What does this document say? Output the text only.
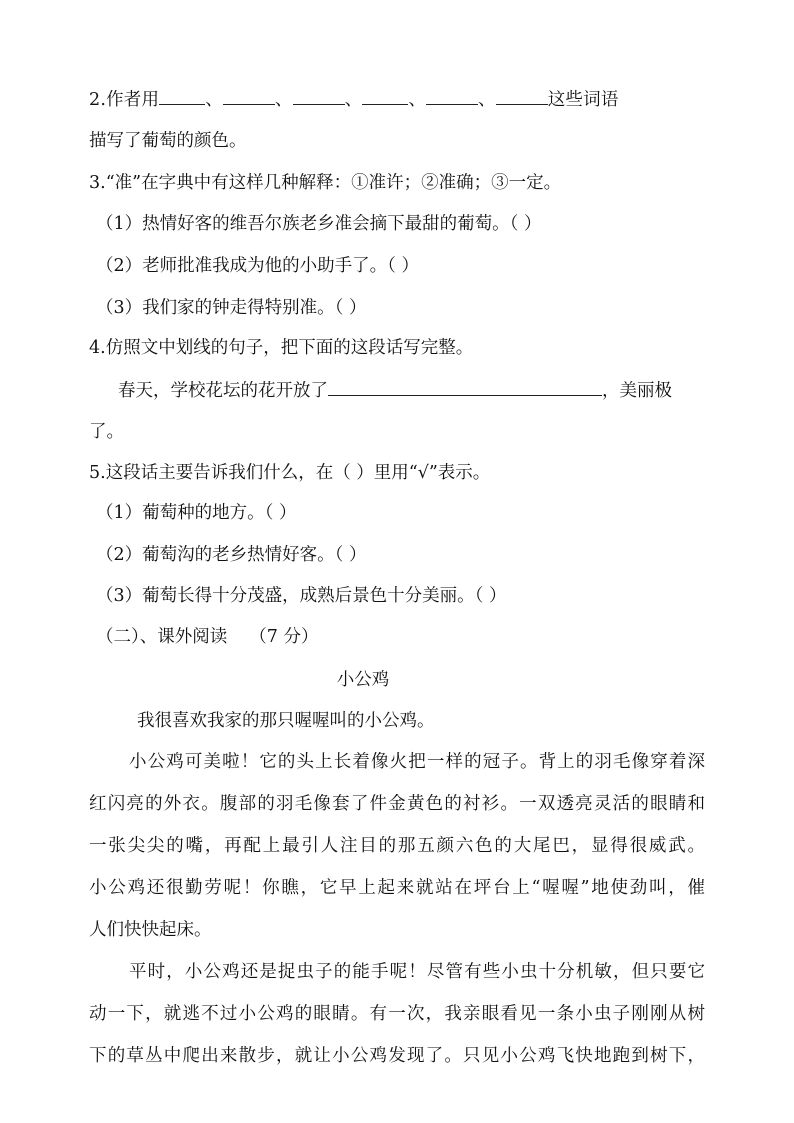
2.作者用	、	、	、	、	、	这些词语
描写了葡萄的颜色。
3.“准”在字典中有这样几种解释：①准许；②准确；③一定。
（1）热情好客的维吾尔族老乡准会摘下最甜的葡萄。（ ）
（2）老师批准我成为他的小助手了。（ ）
（3）我们家的钟走得特别准。（ ）
4.仿照文中划线的句子，把下面的这段话写完整。
春天，学校花坛的花开放了	，美丽极
了。
5.这段话主要告诉我们什么，在（ ）里用“√”表示。
（1）葡萄种的地方。（ ）
（2）葡萄沟的老乡热情好客。（ ）
（3）葡萄长得十分茂盛，成熟后景色十分美丽。（ ）
（二）、课外阅读 （7 分）
小公鸡
我很喜欢我家的那只喔喔叫的小公鸡。
小公鸡可美啦！它的头上长着像火把一样的冠子。背上的羽毛像穿着深
红闪亮的外衣。腹部的羽毛像套了件金黄色的衬衫。一双透亮灵活的眼睛和
一张尖尖的嘴，再配上最引人注目的那五颜六色的大尾巴，显得很威武。
小公鸡还很勤劳呢！你瞧，它早上起来就站在坪台上“喔喔”地使劲叫，催
人们快快起床。
平时，小公鸡还是捉虫子的能手呢！尽管有些小虫十分机敏，但只要它
动一下，就逃不过小公鸡的眼睛。有一次，我亲眼看见一条小虫子刚刚从树
下的草丛中爬出来散步，就让小公鸡发现了。只见小公鸡飞快地跑到树下，
